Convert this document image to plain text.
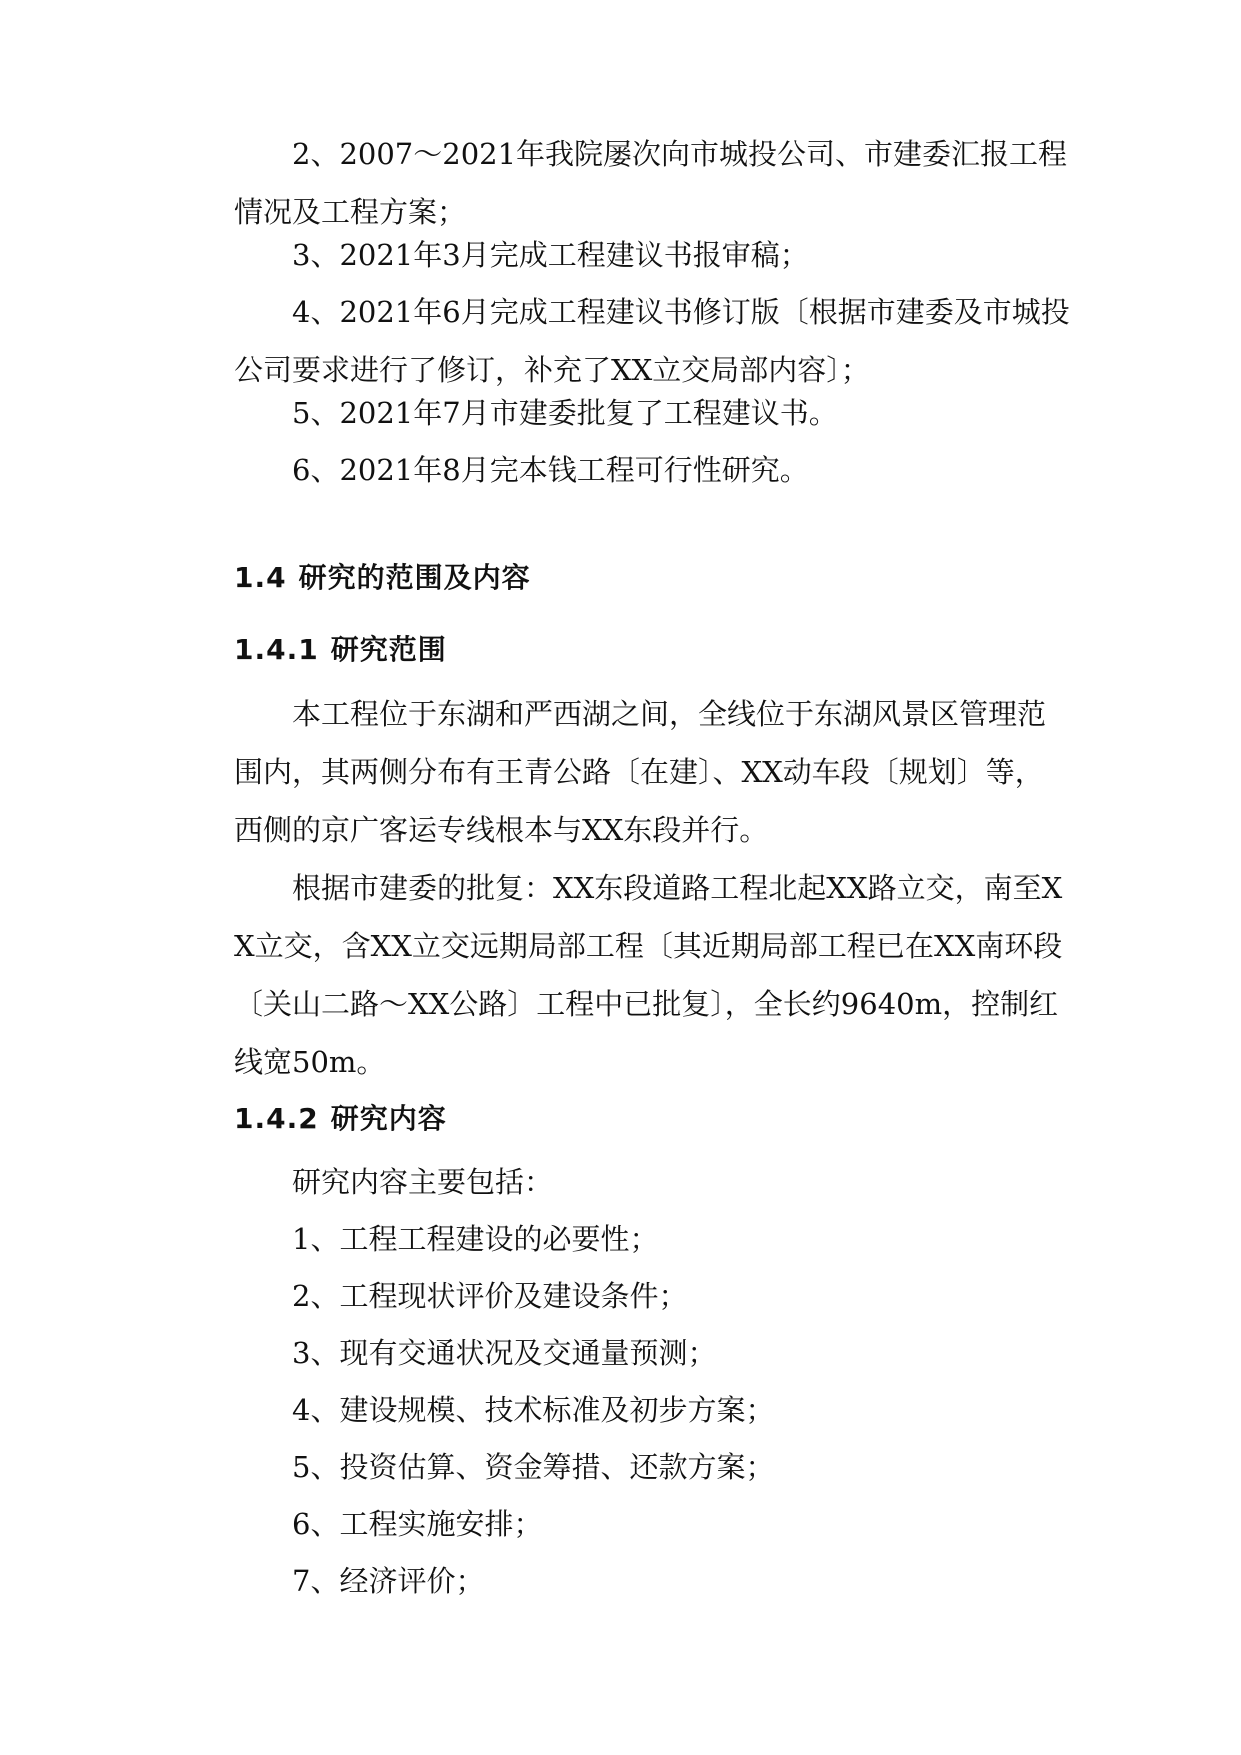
2、2007～2021年我院屡次向市城投公司、市建委汇报工程情况及工程方案；

3、2021年3月完成工程建议书报审稿；

4、2021年6月完成工程建议书修订版〔根据市建委及市城投公司要求进行了修订，补充了XX立交局部内容〕；

5、2021年7月市建委批复了工程建议书。

6、2021年8月完本钱工程可行性研究。

1.4 研究的范围及内容
1.4.1 研究范围

本工程位于东湖和严西湖之间，全线位于东湖风景区管理范围内，其两侧分布有王青公路〔在建〕、XX动车段〔规划〕等，西侧的京广客运专线根本与XX东段并行。

根据市建委的批复：XX东段道路工程北起XX路立交，南至XX立交，含XX立交远期局部工程〔其近期局部工程已在XX南环段〔关山二路～XX公路〕工程中已批复〕，全长约9640m，控制红线宽50m。

1.4.2 研究内容

研究内容主要包括：

1、工程工程建设的必要性；

2、工程现状评价及建设条件；

3、现有交通状况及交通量预测；

4、建设规模、技术标准及初步方案；

5、投资估算、资金筹措、还款方案；

6、工程实施安排；

7、经济评价；
